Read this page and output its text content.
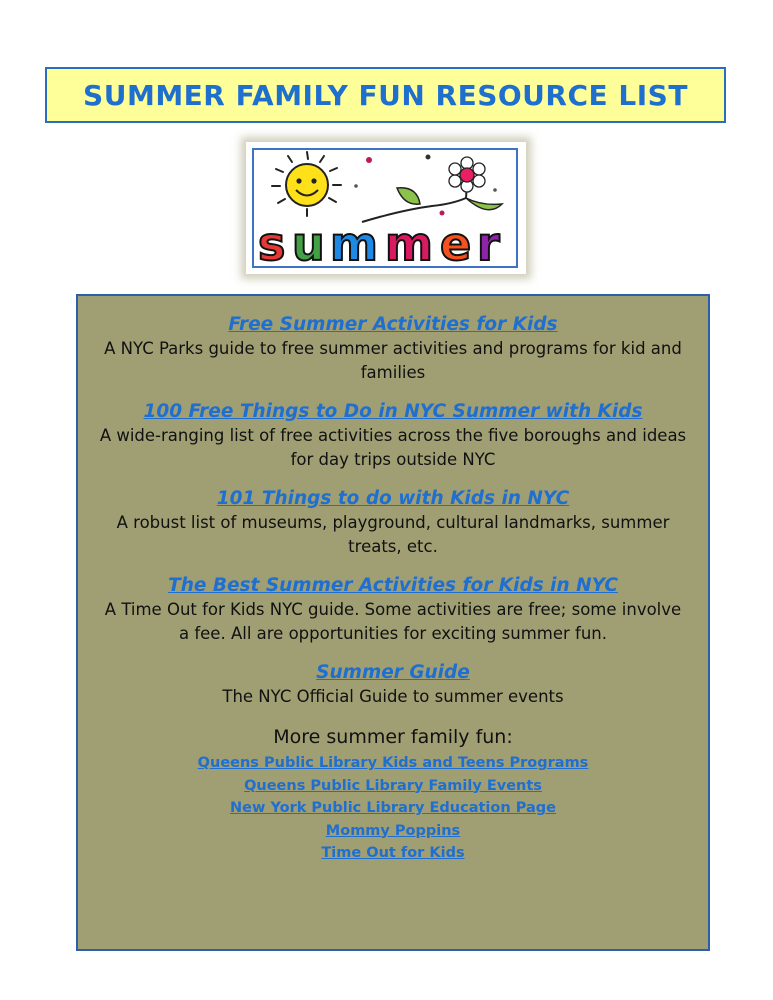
SUMMER FAMILY FUN RESOURCE LIST
s u m m e r
Free Summer Activities for Kids
A NYC Parks guide to free summer activities and programs for kid and families
100 Free Things to Do in NYC Summer with Kids
A wide-ranging list of free activities across the five boroughs and ideas for day trips outside NYC
101 Things to do with Kids in NYC
A robust list of museums, playground, cultural landmarks, summer treats, etc.
The Best Summer Activities for Kids in NYC
A Time Out for Kids NYC guide. Some activities are free; some involve a fee. All are opportunities for exciting summer fun.
Summer Guide
The NYC Official Guide to summer events
More summer family fun:
Queens Public Library Kids and Teens Programs
Queens Public Library Family Events
New York Public Library Education Page
Mommy Poppins
Time Out for Kids
